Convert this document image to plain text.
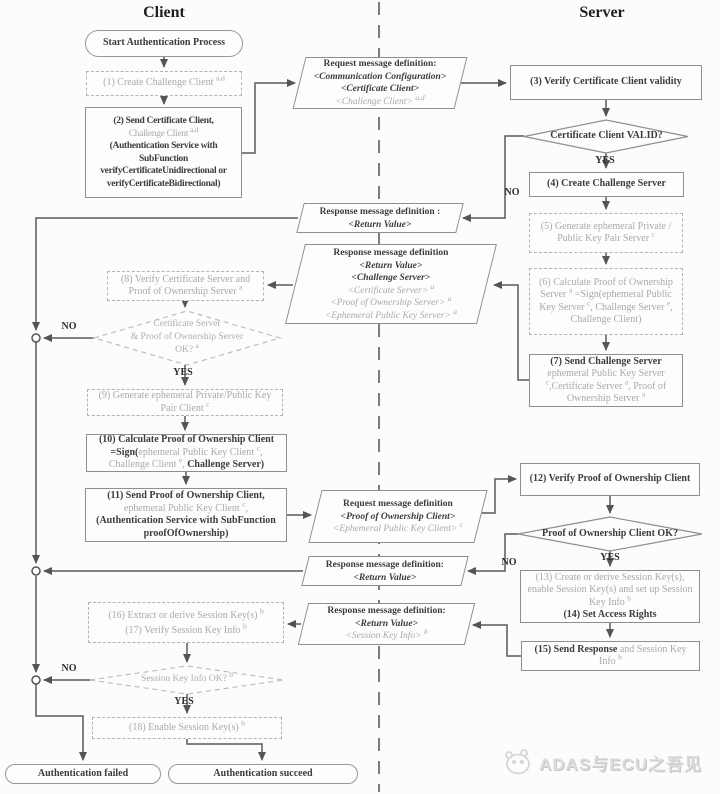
Client	Server
Start Authentication Process
(1) Create Challenge Client $^{a,d}$
(2) Send Certificate Client,
Challenge Client $^{a,d}$
(Authentication Service with SubFunction verifyCertificateUnidirectional or verifyCertificateBidirectional)
Request message definition:
<Communication Configuration>
<Certificate Client>
<Challenge Client> $^{a,d}$
(3) Verify Certificate Client validity
Certificate Client VALID?
(4) Create Challenge Server
(5) Generate ephemeral Private / Public Key Pair Server $^c$
(6) Calculate Proof of Ownership Server $^a$ =Sign(ephemeral Public Key Server $^c$, Challenge Server $^e$, Challenge Client)
(7) Send Challenge Server
ephemeral Public Key Server $^c$,Certificate Server $^a$, Proof of Ownership Server $^a$
Response message definition :
<Return Value>
Response message definition
<Return Value>
<Challenge Server>
<Certificate Server> $^a$
<Proof of Ownership Server> $^a$
<Ephemeral Public Key Server> $^a$
(8) Verify Certificate Server and Proof of Ownership Server $^a$
Certificate Server
& Proof of Ownership Server
OK? $^a$
(9) Generate ephemeral Private/Public Key Pair Client $^c$
(10) Calculate Proof of Ownership Client =Sign(ephemeral Public Key Client $^c$, Challenge Client $^e$, Challenge Server)
(11) Send Proof of Ownership Client,
ephemeral Public Key Client $^c$,
(Authentication Service with SubFunction proofOfOwnership)
Request message definition
<Proof of Ownership Client>
<Ephemeral Public Key Client> $^c$
(12) Verify Proof of Ownership Client
Proof of Ownership Client OK?
(13) Create or derive Session Key(s), enable Session Key(s) and set up Session Key Info $^b$
(14) Set Access Rights
(15) Send Response and Session Key Info $^b$
Response message definition:
<Return Value>
Response message definition:
<Return Value>
<Session Key Info> $^b$
(16) Extract or derive Session Key(s) $^b$
(17) Verify Session Key Info $^b$
Session Key Info OK? $^b$
(18) Enable Session Key(s) $^b$
Authentication failed	Authentication succeed
YES
NO
YES
NO
YES
NO
YES
NO
ADAS与ECU之吾见
